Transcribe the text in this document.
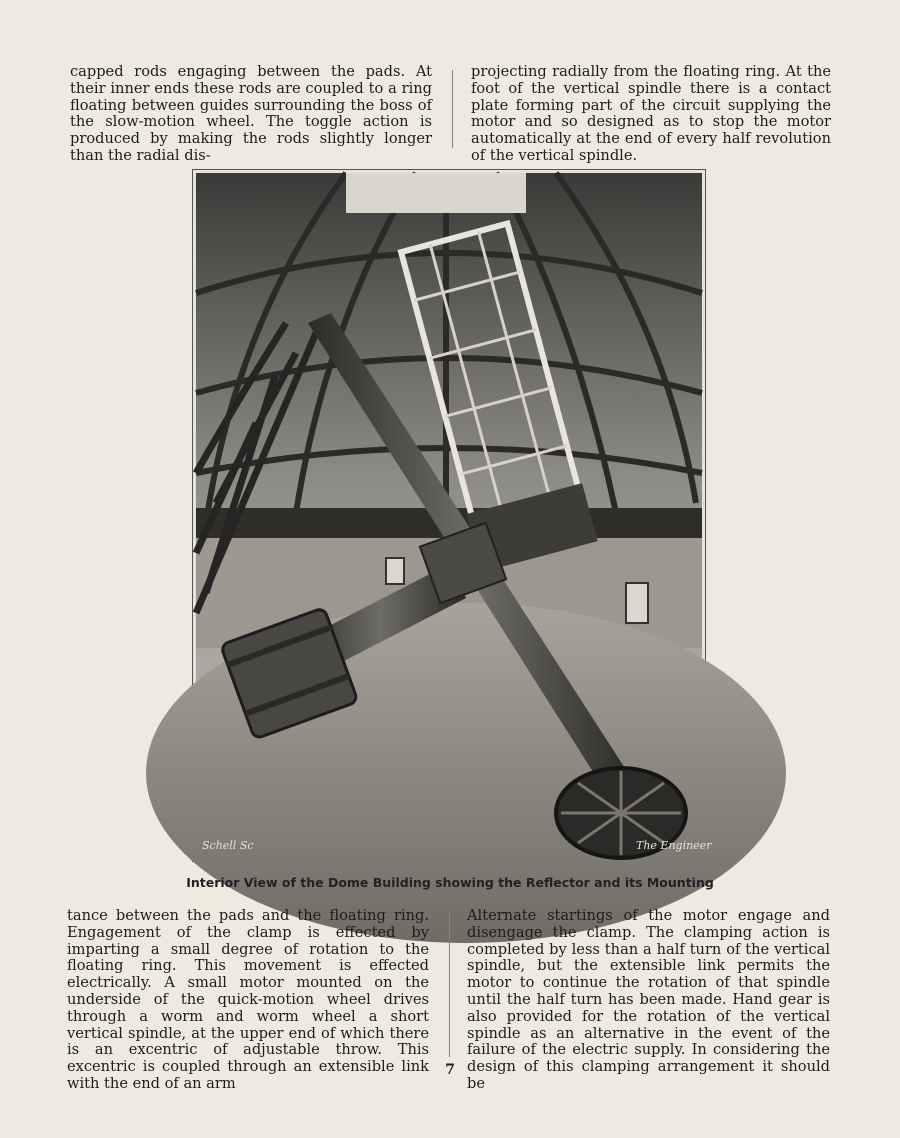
capped rods engaging between the pads. At their inner ends these rods are coupled to a ring floating between guides surrounding the boss of the slow-motion wheel. The toggle action is produced by making the rods slightly longer than the radial dis-

projecting radially from the floating ring. At the foot of the vertical spindle there is a contact plate forming part of the circuit supplying the motor and so designed as to stop the motor automatically at the end of every half revolution of the vertical spindle.

Schell Sc	The Engineer
Interior View of the Dome Building showing the Reflector and its Mounting

tance between the pads and the floating ring. Engagement of the clamp is effected by imparting a small degree of rotation to the floating ring. This movement is effected electrically. A small motor mounted on the underside of the quick-motion wheel drives through a worm and worm wheel a short vertical spindle, at the upper end of which there is an excentric of adjustable throw. This excentric is coupled through an extensible link with the end of an arm

Alternate startings of the motor engage and disengage the clamp. The clamping action is completed by less than a half turn of the vertical spindle, but the extensible link permits the motor to continue the rotation of that spindle until the half turn has been made. Hand gear is also provided for the rotation of the vertical spindle as an alternative in the event of the failure of the electric supply. In considering the design of this clamping arrangement it should be

7
